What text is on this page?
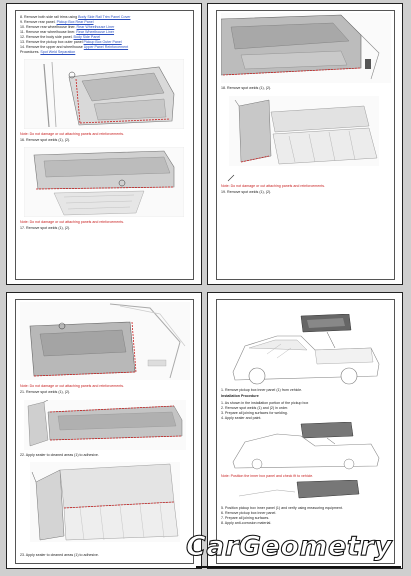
8. Remove both side rail trims using Body Side Rail Trim Panel Cover
9. Remove rear panel. Pickup Box Rear Panel
10. Remove rear wheelhouse liner. Rear Wheelhouse Liner
11. Remove rear wheelhouse liner. Rear Wheelhouse Liner
12. Remove the body side panel. Body Side Panel
13. Remove the pickup box outer panel Pickup Box Outer Panel
14. Remove the upper and wheelhouse Upper Panel Reinforcement
Procedures. Spot Weld Separation
Note: Do not damage or cut attaching panels and reinforcements.
16. Remove spot welds (1), (2).
Note: Do not damage or cut attaching panels and reinforcements.
17. Remove spot welds (1), (2).
18. Remove spot welds (1), (2).
Note: Do not damage or cut attaching panels and reinforcements.
19. Remove spot welds (1), (2).
Note: Do not damage or cut attaching panels and reinforcements.
21. Remove spot welds (1), (2).
22. Apply sealer to cleaned areas (1) to adhesive.
23. Apply sealer to cleaned areas (1) to adhesive.
1. Remove pickup box inner panel (1) from vehicle.
Installation Procedure
1. As shown in the installation portion of the pickup box
2. Remove spot welds (1) and (2) in order.
3. Prepare all joining surfaces for welding.
4. Apply sealer and paint.
Note: Position the inner box panel and check fit to vehicle.
5. Position pickup box inner panel (1) and verify using measuring equipment.
6. Remove pickup box inner panel.
7. Prepare all joining surfaces.
8. Apply anti-corrosion material.
CarGeometry
